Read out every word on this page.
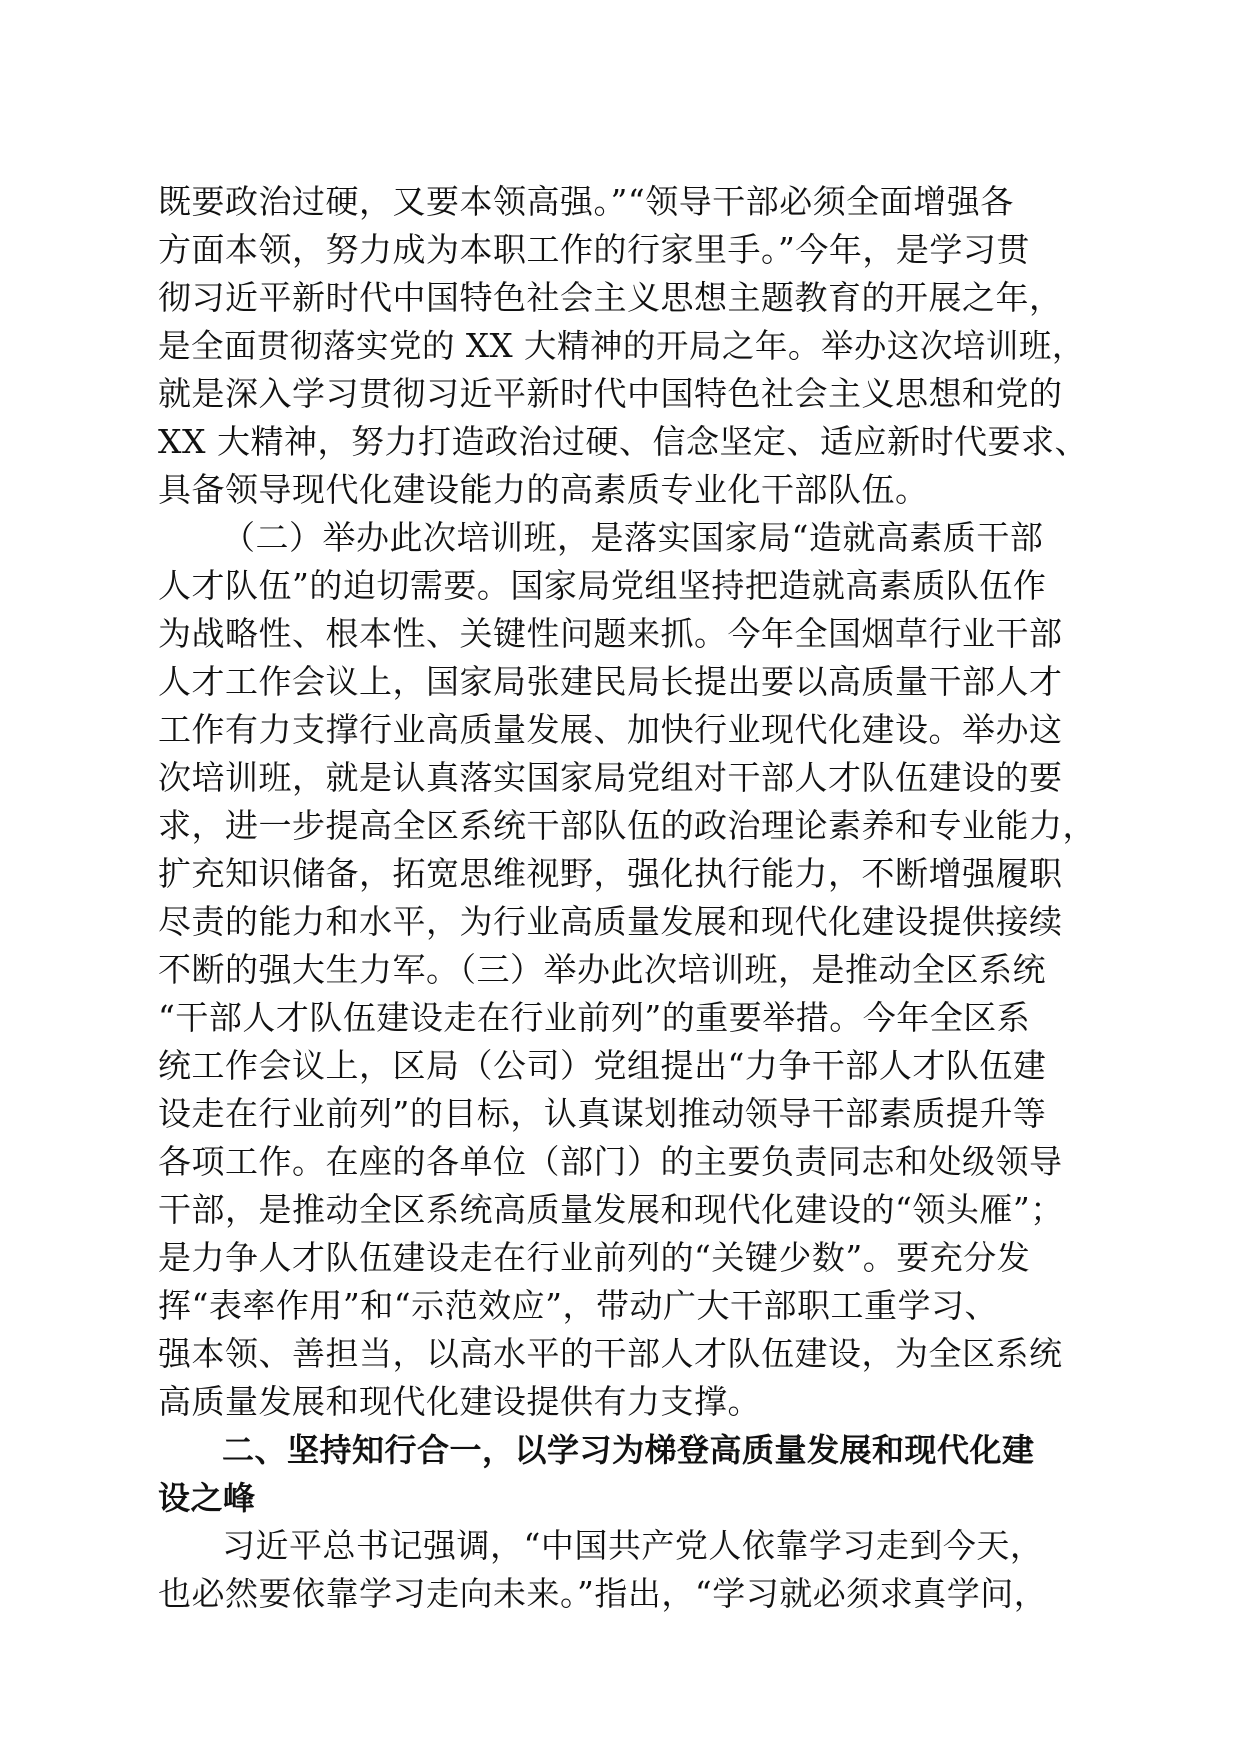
既要政治过硬，又要本领高强。”“领导干部必须全面增强各
方面本领，努力成为本职工作的行家里手。”今年，是学习贯
彻习近平新时代中国特色社会主义思想主题教育的开展之年，
是全面贯彻落实党的 XX 大精神的开局之年。举办这次培训班，
就是深入学习贯彻习近平新时代中国特色社会主义思想和党的
XX 大精神，努力打造政治过硬、信念坚定、适应新时代要求、
具备领导现代化建设能力的高素质专业化干部队伍。
（二）举办此次培训班，是落实国家局“造就高素质干部
人才队伍”的迫切需要。国家局党组坚持把造就高素质队伍作
为战略性、根本性、关键性问题来抓。今年全国烟草行业干部
人才工作会议上，国家局张建民局长提出要以高质量干部人才
工作有力支撑行业高质量发展、加快行业现代化建设。举办这
次培训班，就是认真落实国家局党组对干部人才队伍建设的要
求，进一步提高全区系统干部队伍的政治理论素养和专业能力，
扩充知识储备，拓宽思维视野，强化执行能力，不断增强履职
尽责的能力和水平，为行业高质量发展和现代化建设提供接续
不断的强大生力军。（三）举办此次培训班，是推动全区系统
“干部人才队伍建设走在行业前列”的重要举措。今年全区系
统工作会议上，区局（公司）党组提出“力争干部人才队伍建
设走在行业前列”的目标，认真谋划推动领导干部素质提升等
各项工作。在座的各单位（部门）的主要负责同志和处级领导
干部，是推动全区系统高质量发展和现代化建设的“领头雁”；
是力争人才队伍建设走在行业前列的“关键少数”。要充分发
挥“表率作用”和“示范效应”，带动广大干部职工重学习、
强本领、善担当，以高水平的干部人才队伍建设，为全区系统
高质量发展和现代化建设提供有力支撑。
二、坚持知行合一，以学习为梯登高质量发展和现代化建
设之峰
习近平总书记强调，“中国共产党人依靠学习走到今天，
也必然要依靠学习走向未来。”指出，“学习就必须求真学问，
